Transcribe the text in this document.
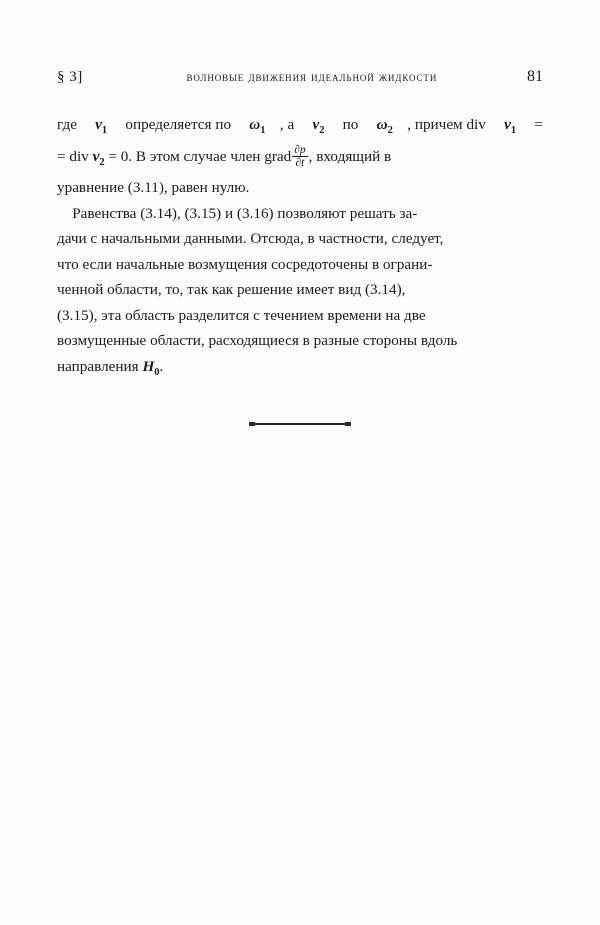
§ 3]	волновые движения идеальной жидкости	81

где $v_1$ определяется по $\omega_1$ , а $v_2$ по $\omega_2$ , причем div $v_1$ =
= div $v_2 = 0$. В этом случае член grad $\frac{\partial p}{\partial t}$ , входящий в
уравнение (3.11), равен нулю.

Равенства (3.14), (3.15) и (3.16) позволяют решать за-
дачи с начальными данными. Отсюда, в частности, следует,
что если начальные возмущения сосредоточены в ограни-
ченной области, то, так как решение имеет вид (3.14),
(3.15), эта область разделится с течением времени на две
возмущенные области, расходящиеся в разные стороны вдоль
направления $H_0$.
